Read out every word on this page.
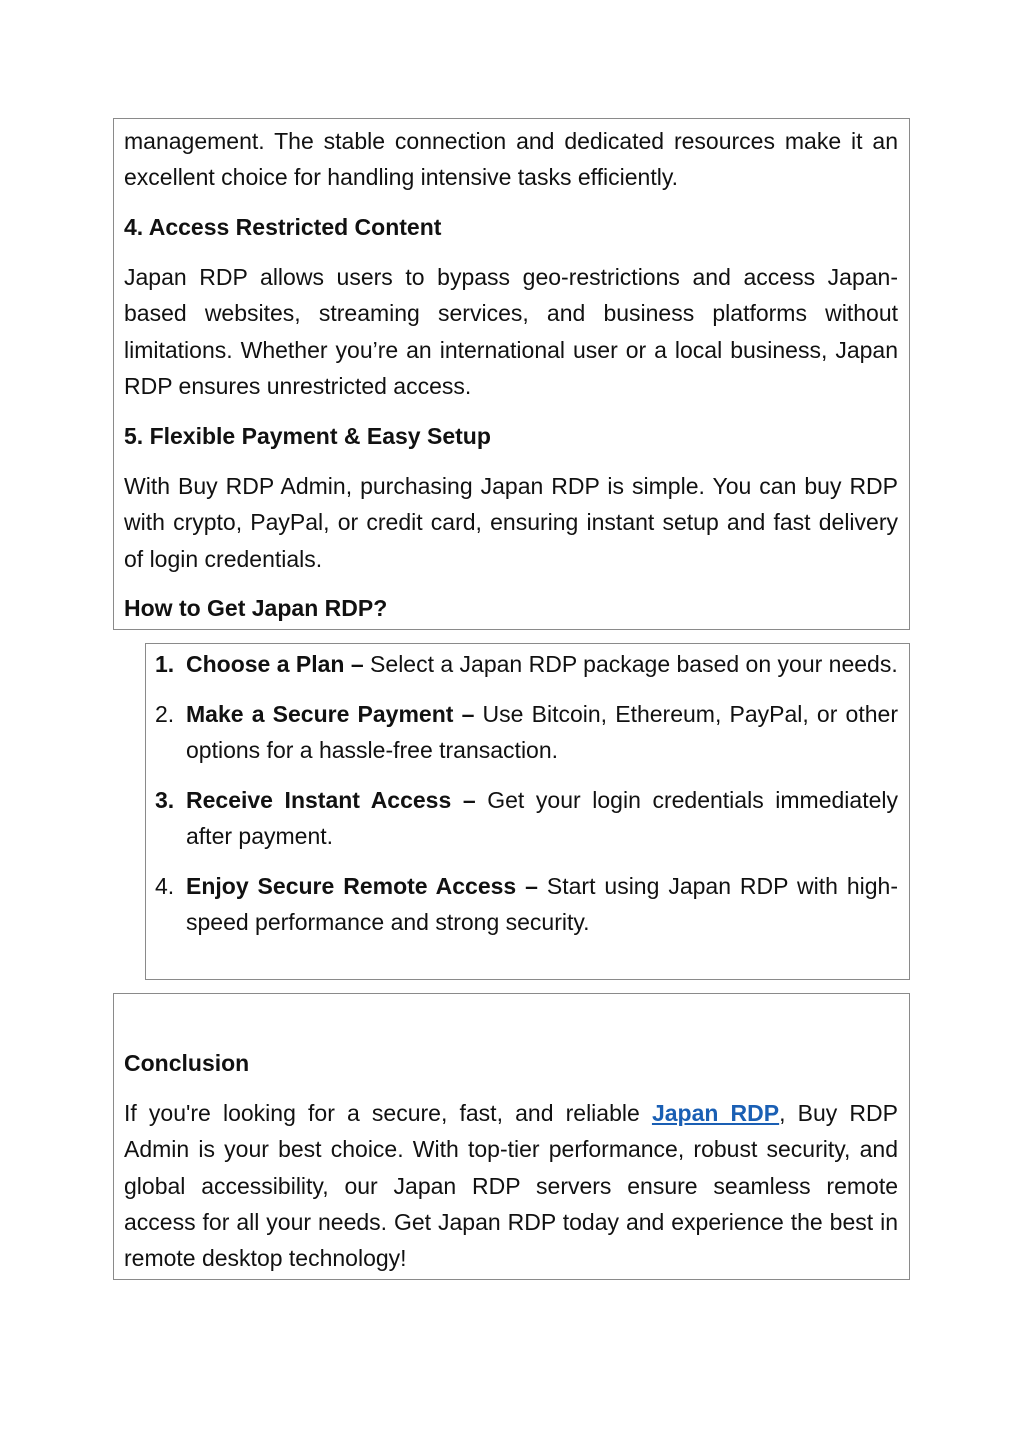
management. The stable connection and dedicated resources make it an excellent choice for handling intensive tasks efficiently.

4. Access Restricted Content

Japan RDP allows users to bypass geo-restrictions and access Japan-based websites, streaming services, and business platforms without limitations. Whether you’re an international user or a local business, Japan RDP ensures unrestricted access.

5. Flexible Payment & Easy Setup

With Buy RDP Admin, purchasing Japan RDP is simple. You can buy RDP with crypto, PayPal, or credit card, ensuring instant setup and fast delivery of login credentials.

How to Get Japan RDP?
1. Choose a Plan – Select a Japan RDP package based on your needs.
2. Make a Secure Payment – Use Bitcoin, Ethereum, PayPal, or other options for a hassle-free transaction.
3. Receive Instant Access – Get your login credentials immediately after payment.
4. Enjoy Secure Remote Access – Start using Japan RDP with high-speed performance and strong security.
Conclusion

If you're looking for a secure, fast, and reliable Japan RDP, Buy RDP Admin is your best choice. With top-tier performance, robust security, and global accessibility, our Japan RDP servers ensure seamless remote access for all your needs. Get Japan RDP today and experience the best in remote desktop technology!
